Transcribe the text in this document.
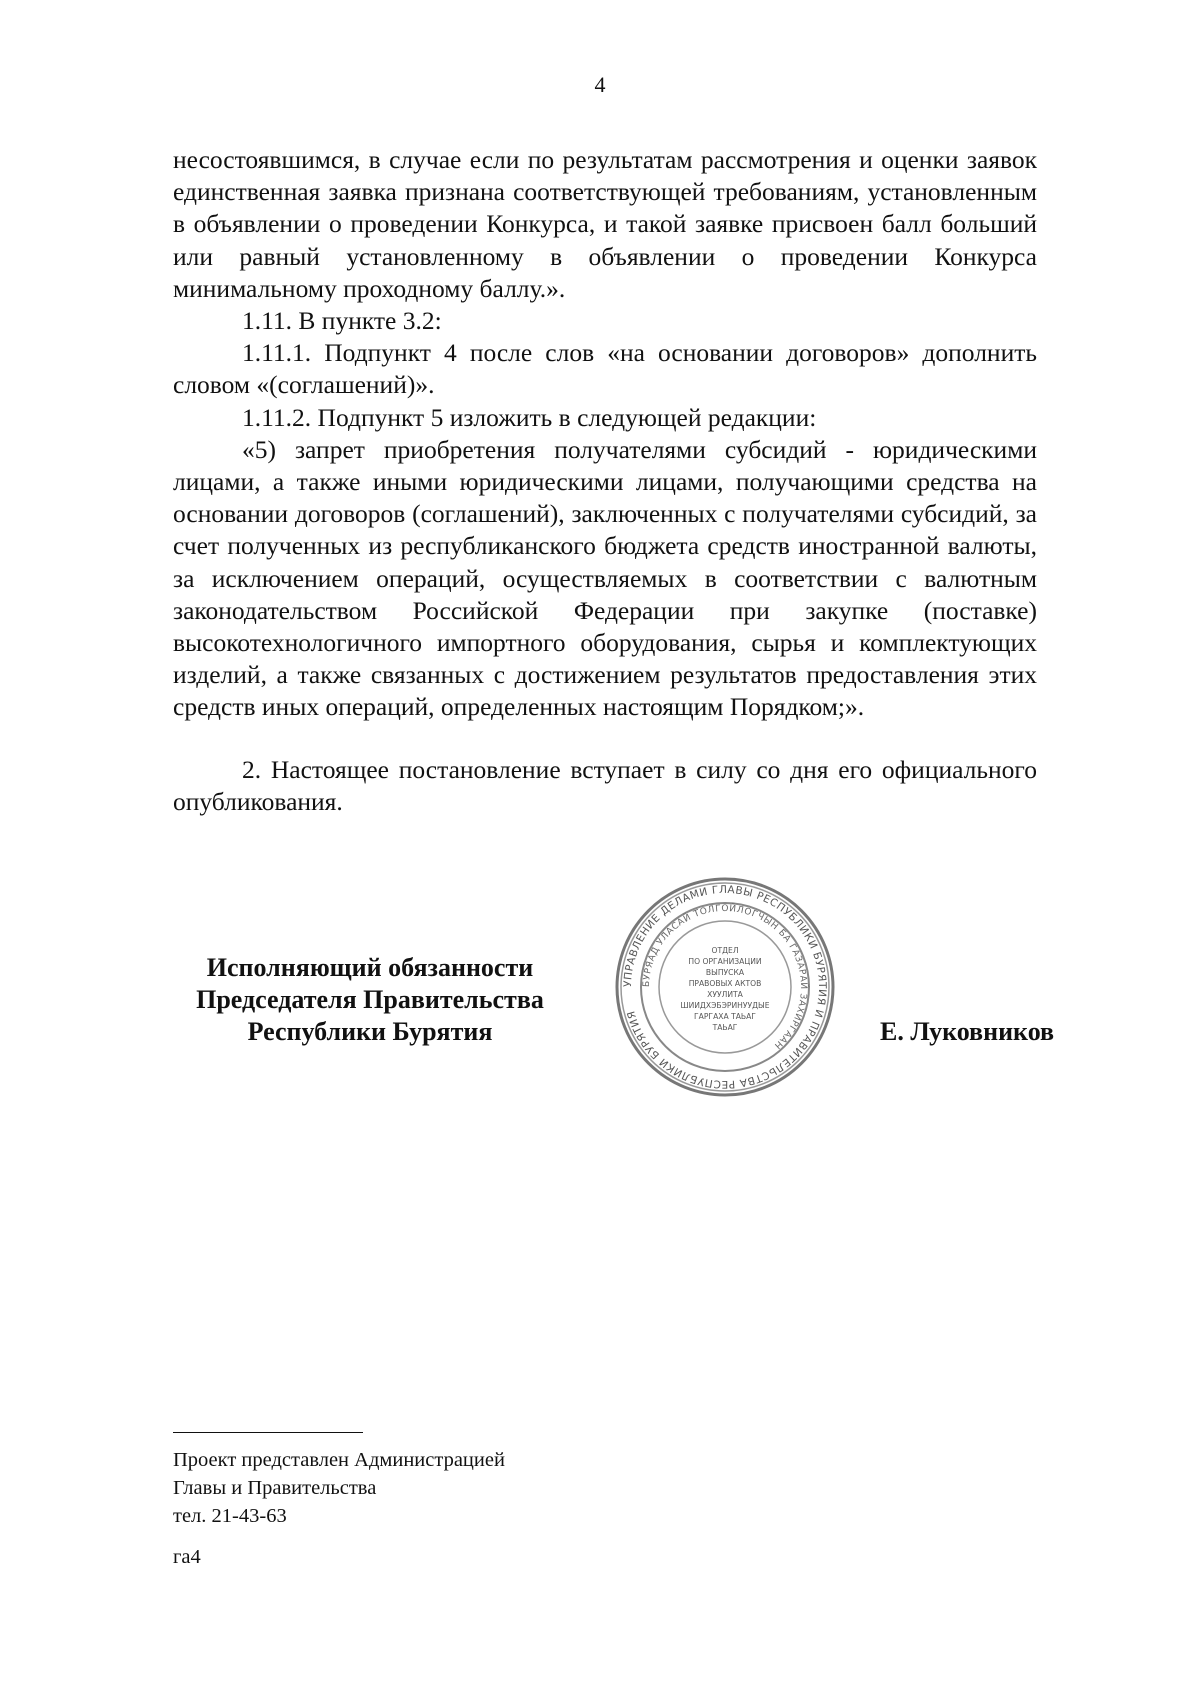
4

несостоявшимся, в случае если по результатам рассмотрения и оценки заявок единственная заявка признана соответствующей требованиям, установленным в объявлении о проведении Конкурса, и такой заявке присвоен балл больший или равный установленному в объявлении о проведении Конкурса минимальному проходному баллу.».

1.11. В пункте 3.2:

1.11.1. Подпункт 4 после слов «на основании договоров» дополнить словом «(соглашений)».

1.11.2. Подпункт 5 изложить в следующей редакции:

«5) запрет приобретения получателями субсидий - юридическими лицами, а также иными юридическими лицами, получающими средства на основании договоров (соглашений), заключенных с получателями субсидий, за счет полученных из республиканского бюджета средств иностранной валюты, за исключением операций, осуществляемых в соответствии с валютным законодательством Российской Федерации при закупке (поставке) высокотехнологичного импортного оборудования, сырья и комплектующих изделий, а также связанных с достижением результатов предоставления этих средств иных операций, определенных настоящим Порядком;».

2. Настоящее постановление вступает в силу со дня его официального опубликования.

Исполняющий обязанности
Председателя Правительства
Республики Бурятия
УПРАВЛЕНИЕ ДЕЛАМИ ГЛАВЫ РЕСПУБЛИКИ БУРЯТИЯ И ПРАВИТЕЛЬСТВА РЕСПУБЛИКИ БУРЯТИЯ
БУРЯАД УЛАСАЙ ТОЛГОЙЛОГЧЫН БА ГАЗАРАЙ ЗАХИРГААН
ОТДЕЛ
ПО ОРГАНИЗАЦИИ
ВЫПУСКА
ПРАВОВЫХ АКТОВ
ХУУЛИТА
ШИИДХЭБЭРИНУУДЫЕ
ГАРГАХА ТАЬАГ
ТАЬАГ	Е. Луковников
Проект представлен Администрацией
Главы и Правительства
тел. 21-43-63
га4
